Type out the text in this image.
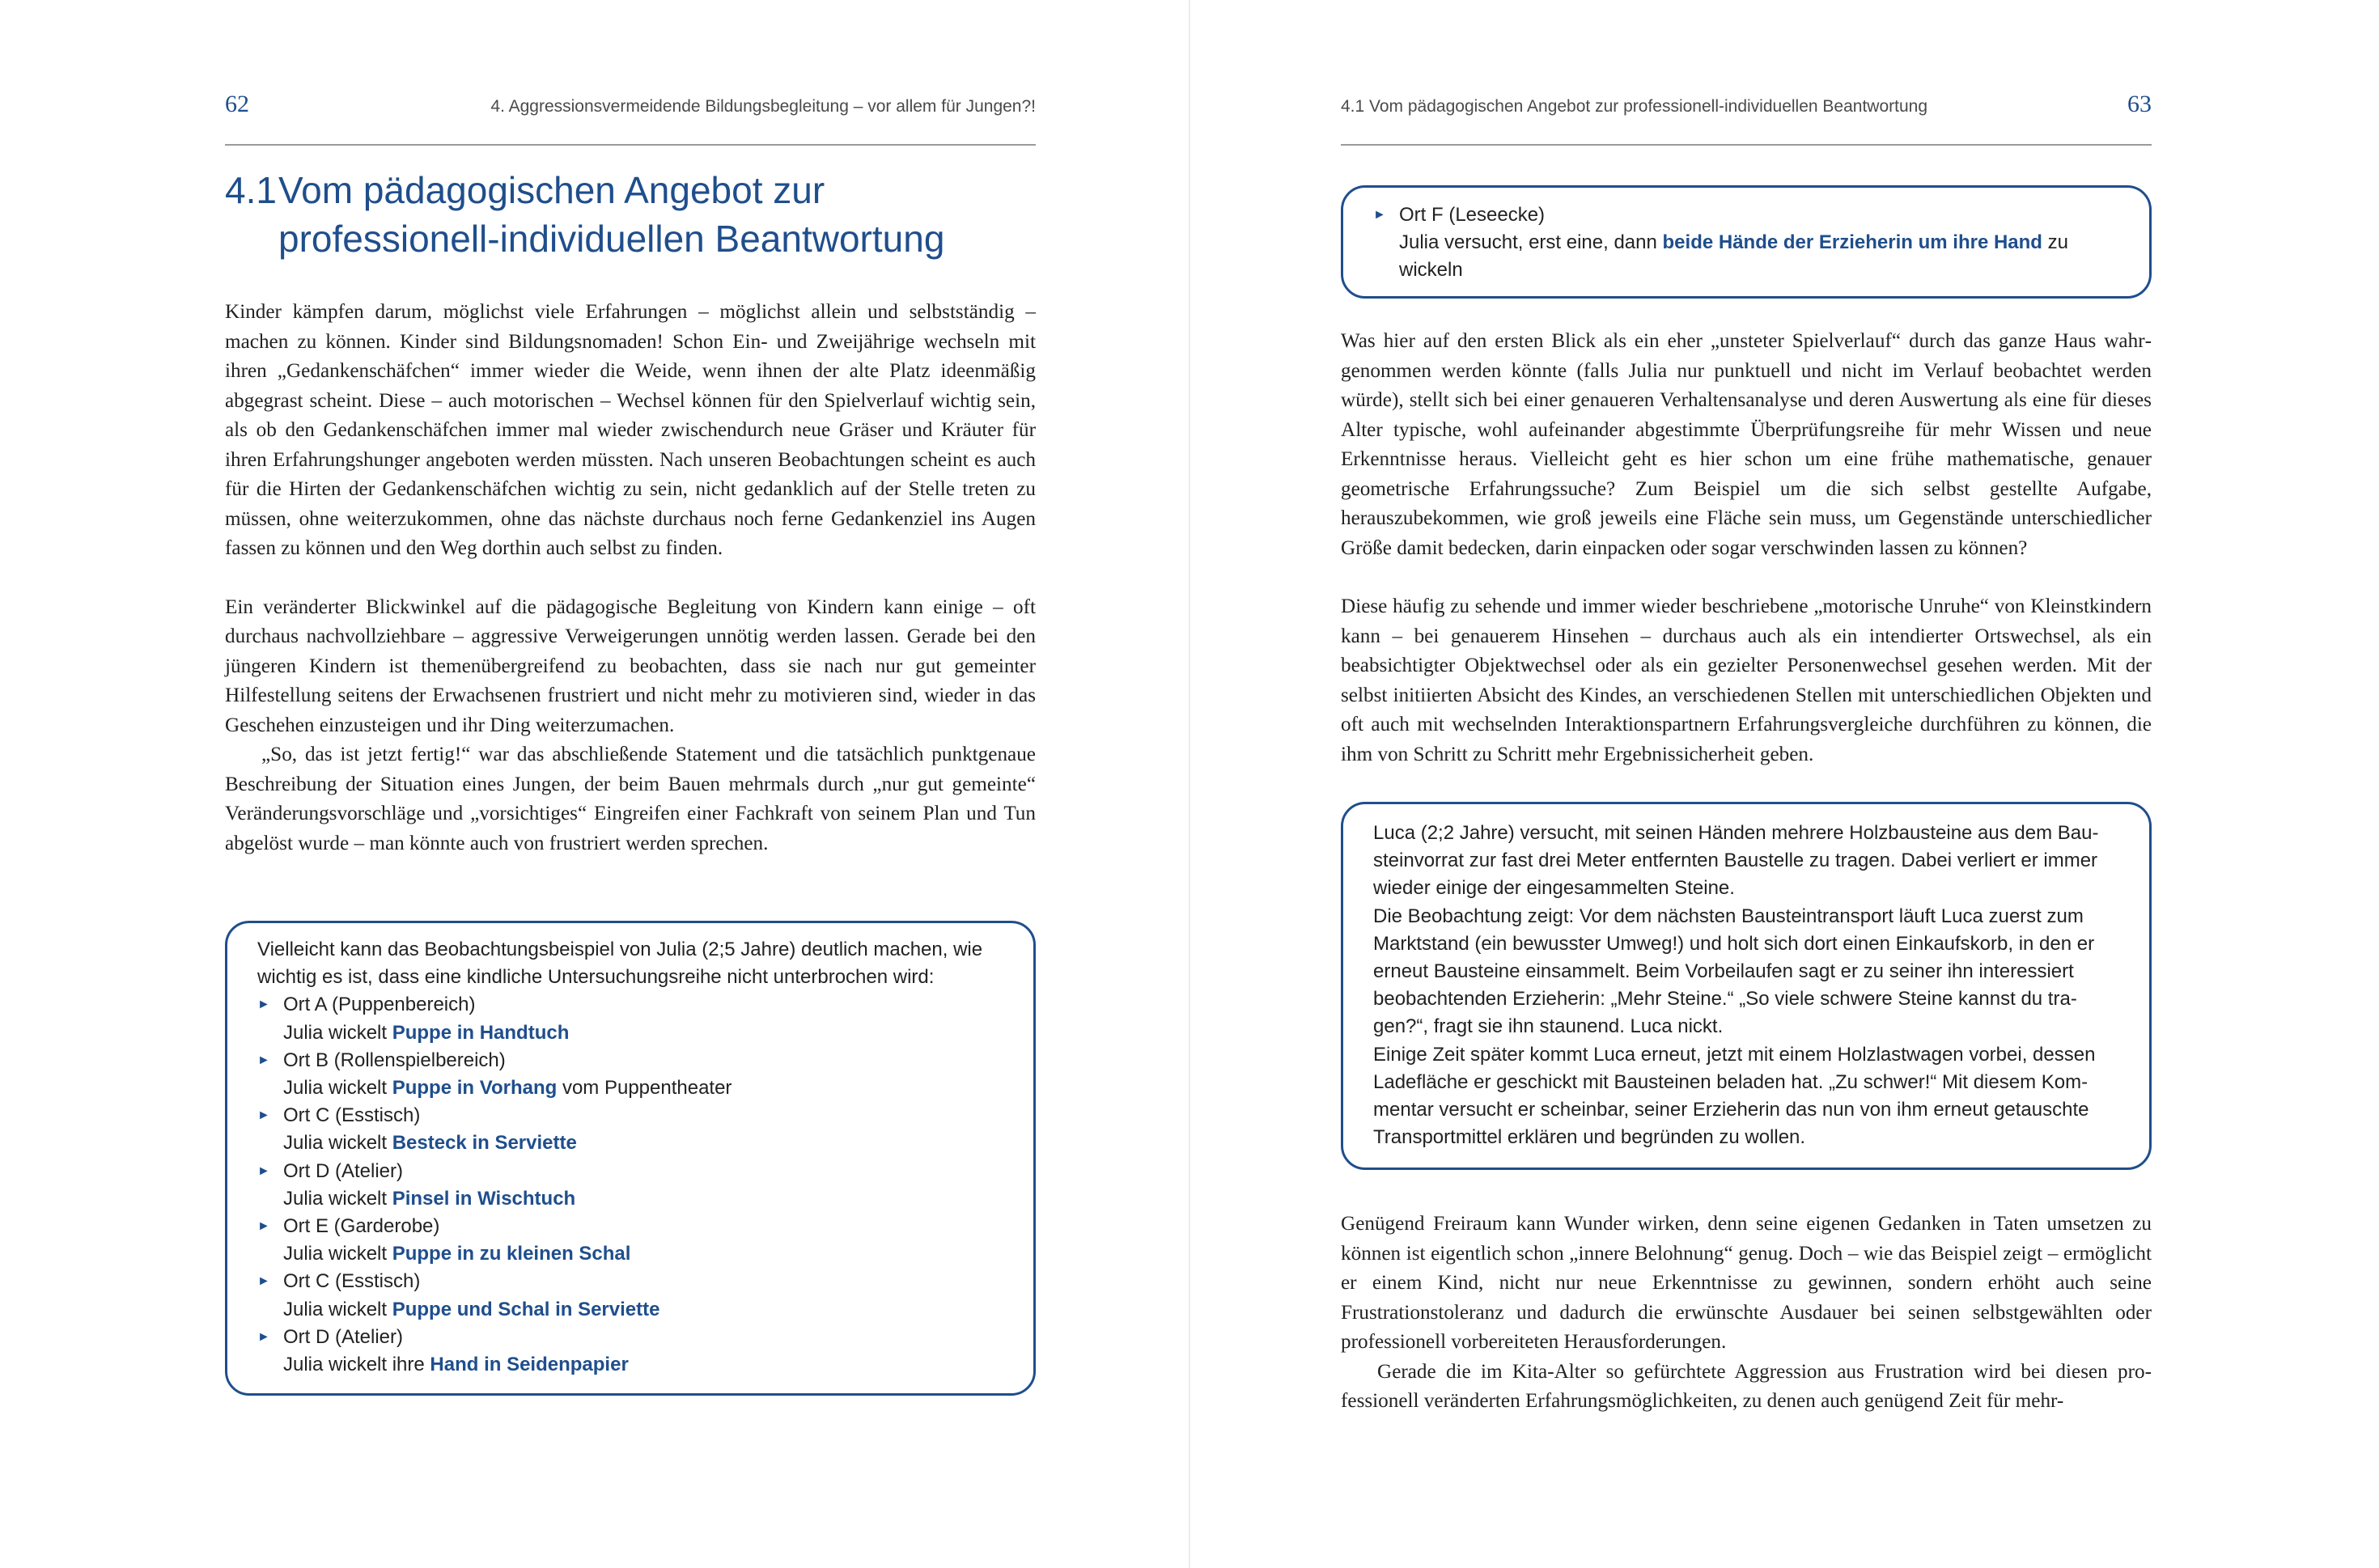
62	4. Aggressionsvermeidende Bildungsbegleitung – vor allem für Jungen?!
4.1Vom pädagogischen Angebot zur professionell-individuellen Beantwortung

Kinder kämpfen darum, möglichst viele Erfahrungen – möglichst allein und selbstständig – machen zu können. Kinder sind Bildungsnomaden! Schon Ein- und Zweijährige wechseln mit ihren „Gedankenschäfchen“ immer wieder die Weide, wenn ihnen der alte Platz ideenmäßig abgegrast scheint. Diese – auch motorischen – Wechsel können für den Spielverlauf wichtig sein, als ob den Gedankenschäfchen immer mal wieder zwischendurch neue Gräser und Kräuter für ihren Erfahrungshunger angeboten werden müssten. Nach unseren Beobachtungen scheint es auch für die Hirten der Gedankenschäfchen wichtig zu sein, nicht gedanklich auf der Stelle treten zu müssen, ohne weiterzukommen, ohne das nächste durchaus noch ferne Gedankenziel ins Augen fassen zu können und den Weg dorthin auch selbst zu finden.

Ein veränderter Blickwinkel auf die pädagogische Begleitung von Kindern kann einige – oft durchaus nachvollziehbare – aggressive Verweigerungen unnötig werden lassen. Gerade bei den jüngeren Kindern ist themenübergreifend zu beobachten, dass sie nach nur gut gemeinter Hilfestellung seitens der Erwachsenen frustriert und nicht mehr zu motivieren sind, wieder in das Geschehen einzusteigen und ihr Ding weiterzumachen.

„So, das ist jetzt fertig!“ war das abschließende Statement und die tatsächlich punktgenaue Beschreibung der Situation eines Jungen, der beim Bauen mehrmals durch „nur gut gemeinte“ Veränderungsvorschläge und „vorsichtiges“ Eingreifen einer Fachkraft von seinem Plan und Tun abgelöst wurde – man könnte auch von frustriert werden sprechen.

Vielleicht kann das Beobachtungsbeispiel von Julia (2;5 Jahre) deutlich machen, wie wichtig es ist, dass eine kindliche Untersuchungsreihe nicht unterbrochen wird:

► Ort A (Puppenbereich)

Julia wickelt Puppe in Handtuch

► Ort B (Rollenspielbereich)

Julia wickelt Puppe in Vorhang vom Puppentheater

► Ort C (Esstisch)

Julia wickelt Besteck in Serviette

► Ort D (Atelier)

Julia wickelt Pinsel in Wischtuch

► Ort E (Garderobe)

Julia wickelt Puppe in zu kleinen Schal

► Ort C (Esstisch)

Julia wickelt Puppe und Schal in Serviette

► Ort D (Atelier)

Julia wickelt ihre Hand in Seidenpapier

4.1 Vom pädagogischen Angebot zur professionell-individuellen Beantwortung	63
► Ort F (Leseecke)

Julia versucht, erst eine, dann beide Hände der Erzieherin um ihre Hand zu wickeln

Was hier auf den ersten Blick als ein eher „unsteter Spielverlauf“ durch das ganze Haus wahrgenommen werden könnte (falls Julia nur punktuell und nicht im Verlauf beobachtet werden würde), stellt sich bei einer genaueren Verhaltensanalyse und deren Auswertung als eine für dieses Alter typische, wohl aufeinander abgestimmte Überprüfungsreihe für mehr Wissen und neue Erkenntnisse heraus. Vielleicht geht es hier schon um eine frühe mathematische, genauer geometrische Erfahrungssuche? Zum Beispiel um die sich selbst gestellte Aufgabe, herauszubekommen, wie groß jeweils eine Fläche sein muss, um Gegenstände unterschiedlicher Größe damit bedecken, darin einpacken oder sogar verschwinden lassen zu können?

Diese häufig zu sehende und immer wieder beschriebene „motorische Unruhe“ von Kleinstkindern kann – bei genauerem Hinsehen – durchaus auch als ein intendierter Ortswechsel, als ein beabsichtigter Objektwechsel oder als ein gezielter Personenwechsel gesehen werden. Mit der selbst initiierten Absicht des Kindes, an verschiedenen Stellen mit unterschiedlichen Objekten und oft auch mit wechselnden Interaktionspartnern Erfahrungsvergleiche durchführen zu können, die ihm von Schritt zu Schritt mehr Ergebnissicherheit geben.

Luca (2;2 Jahre) versucht, mit seinen Händen mehrere Holzbausteine aus dem Bausteinvorrat zur fast drei Meter entfernten Baustelle zu tragen. Dabei verliert er immer wieder einige der eingesammelten Steine.

Die Beobachtung zeigt: Vor dem nächsten Bausteintransport läuft Luca zuerst zum Marktstand (ein bewusster Umweg!) und holt sich dort einen Einkaufskorb, in den er erneut Bausteine einsammelt. Beim Vorbeilaufen sagt er zu seiner ihn interessiert beobachtenden Erzieherin: „Mehr Steine.“ „So viele schwere Steine kannst du tragen?“, fragt sie ihn staunend. Luca nickt.

Einige Zeit später kommt Luca erneut, jetzt mit einem Holzlastwagen vorbei, dessen Ladefläche er geschickt mit Bausteinen beladen hat. „Zu schwer!“ Mit diesem Kommentar versucht er scheinbar, seiner Erzieherin das nun von ihm erneut getauschte Transportmittel erklären und begründen zu wollen.

Genügend Freiraum kann Wunder wirken, denn seine eigenen Gedanken in Taten umsetzen zu können ist eigentlich schon „innere Belohnung“ genug. Doch – wie das Beispiel zeigt – ermöglicht er einem Kind, nicht nur neue Erkenntnisse zu gewinnen, sondern erhöht auch seine Frustrationstoleranz und dadurch die erwünschte Ausdauer bei seinen selbstgewählten oder professionell vorbereiteten Herausforderungen.

Gerade die im Kita-Alter so gefürchtete Aggression aus Frustration wird bei diesen professionell veränderten Erfahrungsmöglichkeiten, zu denen auch genügend Zeit für mehr-
